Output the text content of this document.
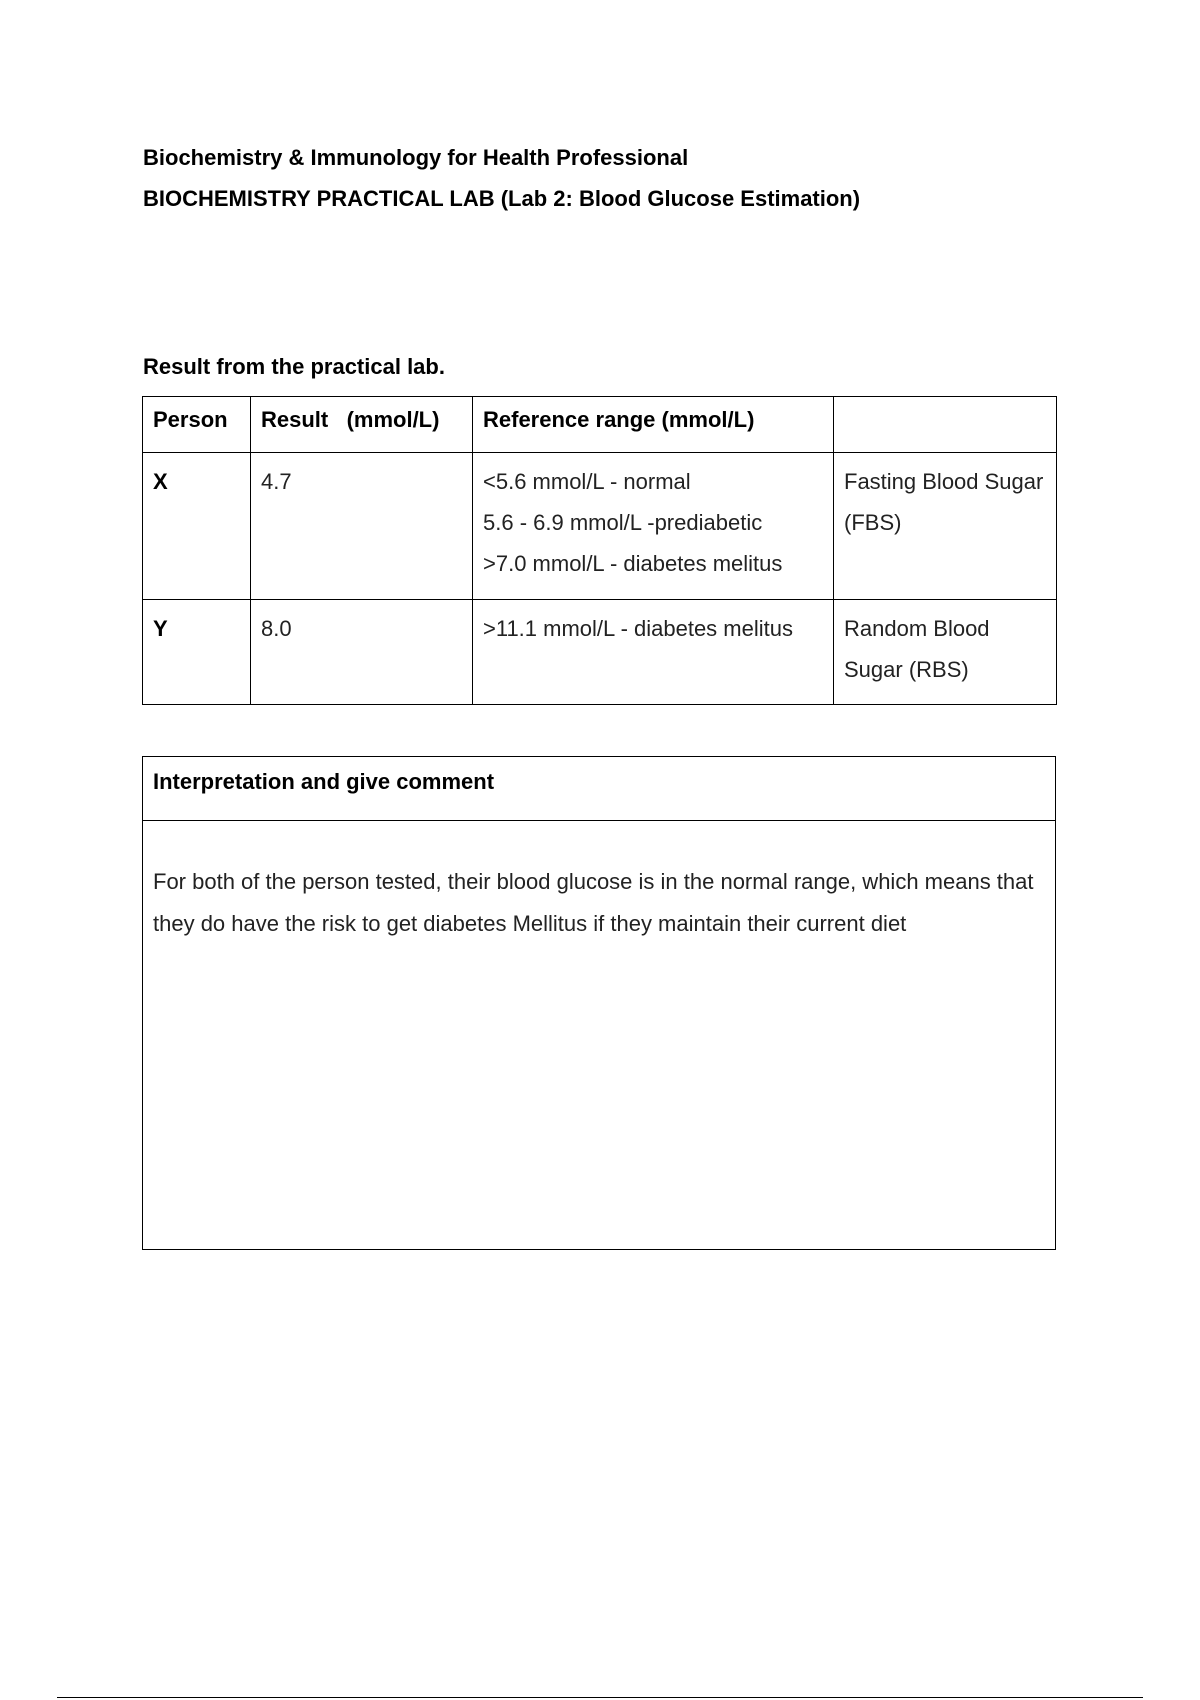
Biochemistry & Immunology for Health Professional
BIOCHEMISTRY PRACTICAL LAB (Lab 2: Blood Glucose Estimation)
Result from the practical lab.
Person	Result   (mmol/L)	Reference range (mmol/L)	
X	4.7	<5.6 mmol/L - normal
5.6 - 6.9 mmol/L -prediabetic
>7.0 mmol/L - diabetes melitus	Fasting Blood Sugar (FBS)
Y	8.0	>11.1 mmol/L - diabetes melitus	Random Blood Sugar (RBS)
Interpretation and give comment
For both of the person tested, their blood glucose is in the normal range, which means that they do have the risk to get diabetes Mellitus if they maintain their current diet
